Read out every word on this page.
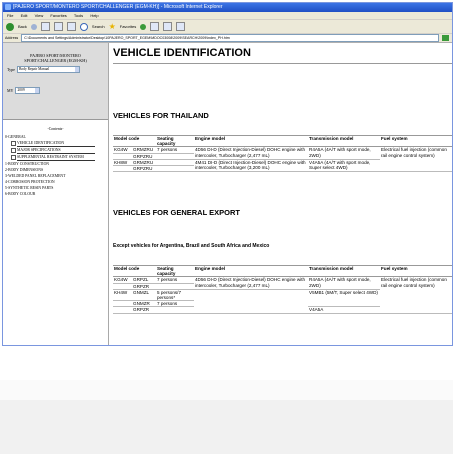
[PAJERO SPORT/MONTERO SPORT/CHALLENGER (EGM-KH)] - Microsoft Internet Explorer
File Edit View Favorites Tools Help
Back	Search ★ Favorites
Address	C:\Documents and Settings\Administrator\Desktop\10PAJERO_SPORT_EGEM\MDOC03008\2009\SEARCH\2009\index_PH.htm
PAJERO SPORT/MONTERO
SPORT/CHALLENGER (EGM-KH)
Type	Body Repair Manual
MY	2009
-Contents-
0-GENERAL
VEHICLE IDENTIFICATION
MAJOR SPECIFICATIONS
SUPPLEMENTAL RESTRAINT SYSTEM
1-BODY CONSTRUCTION
2-BODY DIMENSIONS
3-WELDED PANEL REPLACEMENT
4-CORROSION PROTECTION
5-SYNTHETIC RESIN PARTS
6-BODY COLOUR
VEHICLE IDENTIFICATION
VEHICLES FOR THAILAND
Model code		Seating capacity	Engine model	Transmission model	Fuel system
KG4W	GRMZRU	7 persons	4D56 DI-D (Direct Injection-Diesel) DOHC engine with intercooler, Turbocharger (2,477 mL)	R4A5A (4A/T with sport mode, 2WD)	Electrical fuel injection (common rail engine control system)
	GRPZRU				
KH8W	GRMZRU		4M41 DI-D (Direct Injection-Diesel) DOHC engine with intercooler, Turbocharger (3,200 mL)	V4A5A (4A/T with sport mode, Super select 4WD)	
	GRPZRU				
VEHICLES FOR GENERAL EXPORT
Except vehicles for Argentina, Brazil and South Africa and Mexico
Model code		Seating capacity	Engine model	Transmission model	Fuel system
KG4W	GRPZL	7 persons	4D56 DI-D (Direct Injection-Diesel) DOHC engine with intercooler, Turbocharger (2,477 mL)	R4A5A (4A/T with sport mode, 2WD)	Electrical fuel injection (common rail engine control system)
	GRPZR				
KH4W	GNMZL	5 persons/7 persons*		V5MB1 (5M/T, Super select 4WD)	
	GNMZR	7 persons			
	GRPZR			V4A5A	
